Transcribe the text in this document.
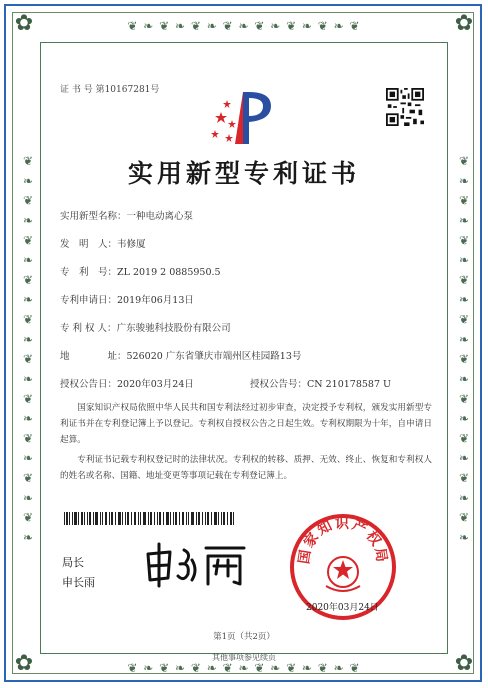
❦ ❧ ❦ ❧ ❦ ❧ ❦ ❧ ❦ ❧ ❦ ❧ ❦ ❧ ❦
❦ ❧ ❦ ❧ ❦ ❧ ❦ ❧ ❦ ❧ ❦ ❧ ❦ ❧ ❦
❦ ❧ ❦ ❧ ❦ ❧ ❦ ❧ ❦ ❧ ❦ ❧ ❦ ❧ ❦ ❧ ❦ ❧ ❦ ❧	❦ ❧ ❦ ❧ ❦ ❧ ❦ ❧ ❦ ❧ ❦ ❧ ❦ ❧ ❦ ❧ ❦ ❧ ❦ ❧
✿	✿
✿	✿
证 书 号 第10167281号
实用新型专利证书
实用新型名称：一种电动离心泵
发　明　人：韦修厦
专　利　号：ZL 2019 2 0885950.5
专利申请日：2019年06月13日
专 利 权 人：广东骏驰科技股份有限公司
地　　　　址：526020 广东省肇庆市端州区桂园路13号
授权公告日：2020年03月24日	授权公告号：CN 210178587 U
国家知识产权局依照中华人民共和国专利法经过初步审查，决定授予专利权，颁发实用新型专利证书并在专利登记簿上予以登记。专利权自授权公告之日起生效。专利权期限为十年，自申请日起算。
专利证书记载专利权登记时的法律状况。专利权的转移、质押、无效、终止、恢复和专利权人的姓名或名称、国籍、地址变更等事项记载在专利登记簿上。
局长
申长雨
国家知识产权局
2020年03月24日
第1页（共2页）
其他事项参见续页
